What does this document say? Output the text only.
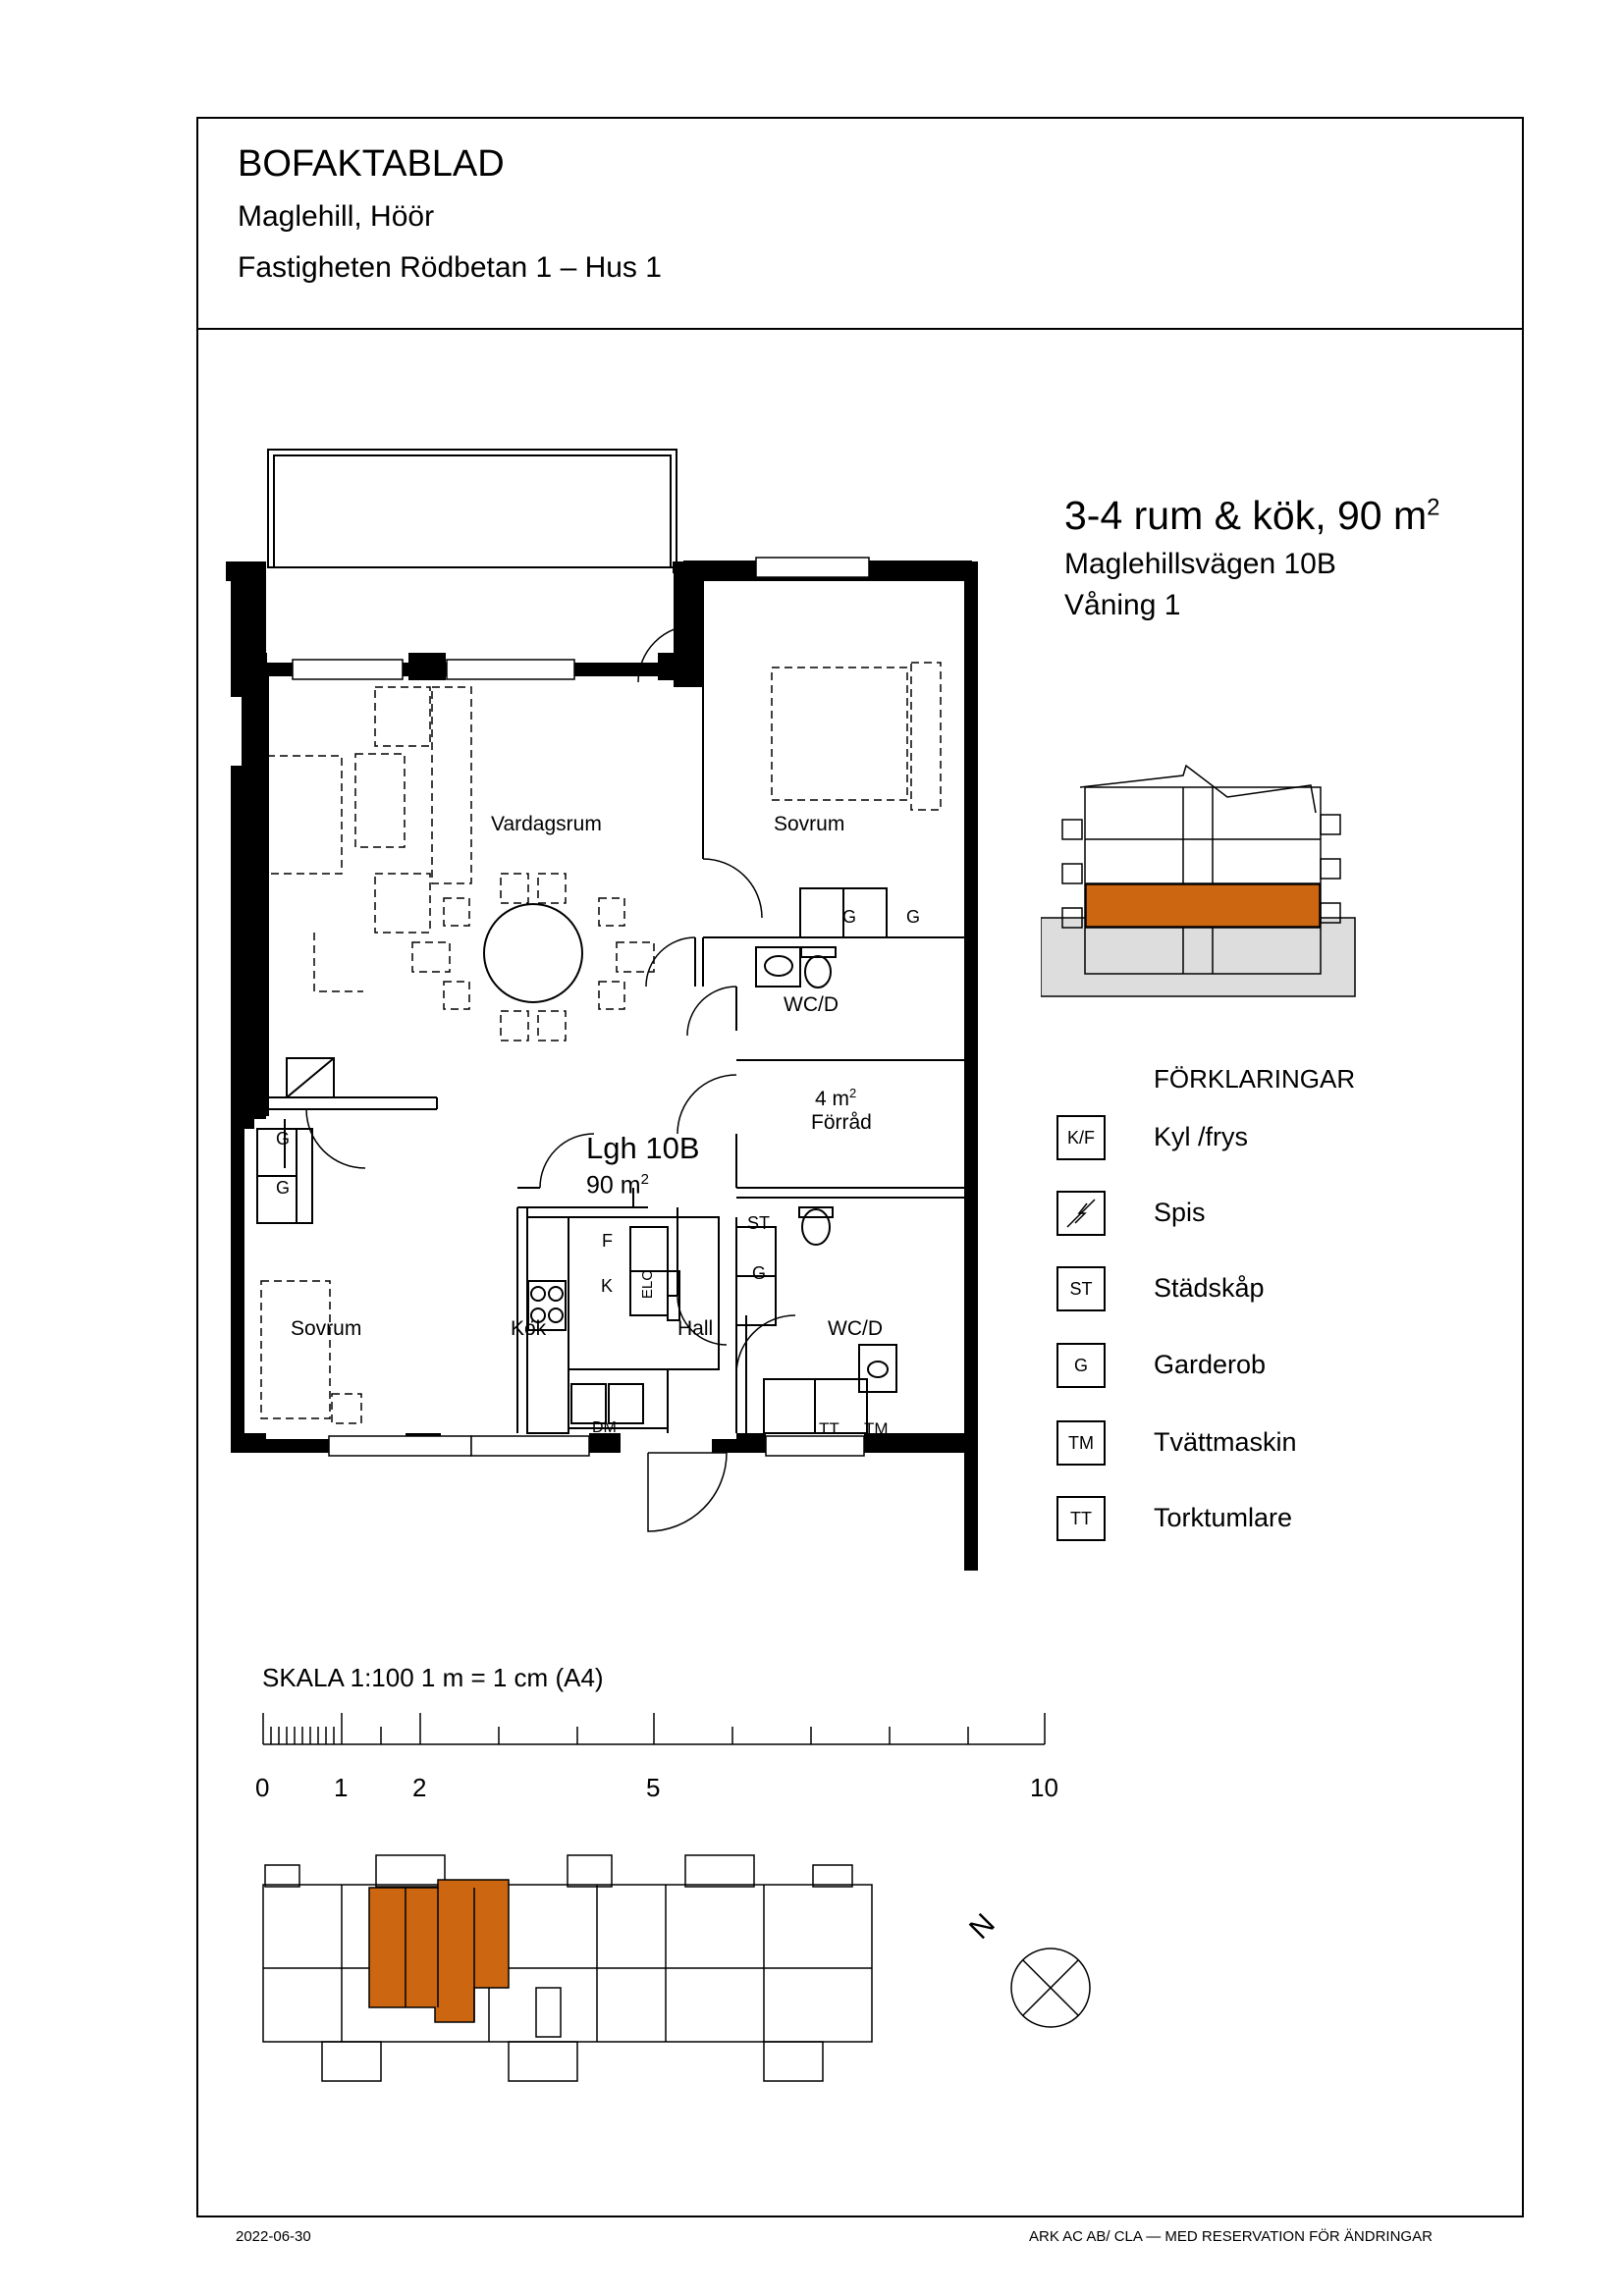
BOFAKTABLAD
Maglehill, Höör
Fastigheten Rödbetan 1 – Hus 1
3-4 rum & kök, 90 $m^2$
Maglehillsvägen 10B
Våning 1
Vardagsrum	Sovrum
Sovrum
WC/D
WC/D
4 $m^2$
Förråd
Kök	Hall
Lgh 10B
90 $m^2$
G
G
G	G
ST
G
F
K ELC
DM	TT TM
FÖRKLARINGAR
K/F	Kyl /frys
Spis
ST	Städskåp
G	Garderob
TM	Tvättmaskin
TT	Torktumlare
SKALA 1:100 1 m = 1 cm (A4)
0	1	2	5	10
N
2022-06-30	ARK AC AB/ CLA — MED RESERVATION FÖR ÄNDRINGAR
